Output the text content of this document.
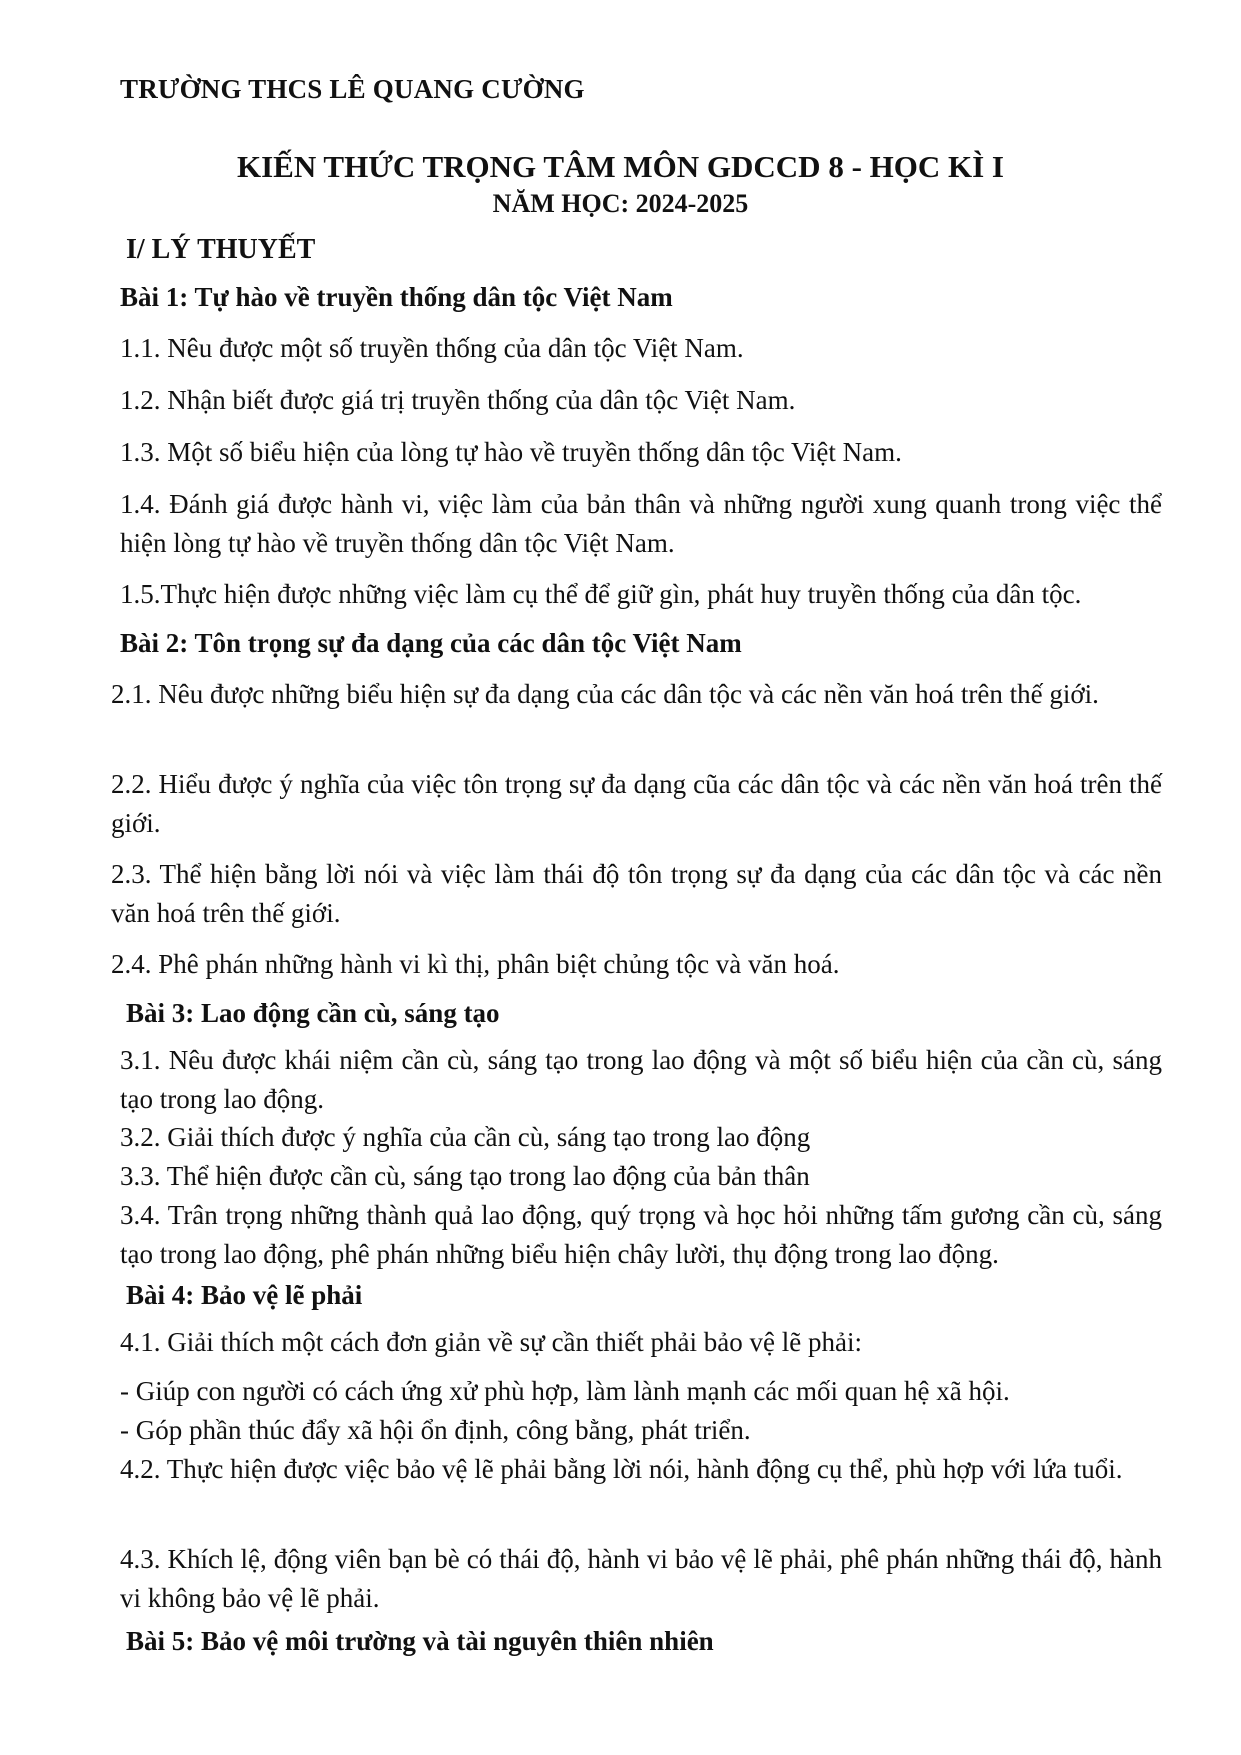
TRƯỜNG THCS LÊ QUANG CƯỜNG
KIẾN THỨC TRỌNG TÂM MÔN GDCCD 8 - HỌC KÌ I
NĂM HỌC: 2024-2025
I/ LÝ THUYẾT
Bài 1: Tự hào về truyền thống dân tộc Việt Nam
1.1. Nêu được một số truyền thống của dân tộc Việt Nam.
1.2. Nhận biết được giá trị truyền thống của dân tộc Việt Nam.
1.3. Một số biểu hiện của lòng tự hào về truyền thống dân tộc Việt Nam.
1.4. Đánh giá được hành vi, việc làm của bản thân và những người xung quanh trong việc thể hiện lòng tự hào về truyền thống dân tộc Việt Nam.
1.5.Thực hiện được những việc làm cụ thể để giữ gìn, phát huy truyền thống của dân tộc.
Bài 2: Tôn trọng sự đa dạng của các dân tộc Việt Nam
2.1. Nêu được những biểu hiện sự đa dạng của các dân tộc và các nền văn hoá trên thế giới.
2.2. Hiểu được ý nghĩa của việc tôn trọng sự đa dạng cũa các dân tộc và các nền văn hoá trên thế giới.
2.3. Thể hiện bằng lời nói và việc làm thái độ tôn trọng sự đa dạng của các dân tộc và các nền văn hoá trên thế giới.
2.4. Phê phán những hành vi kì thị, phân biệt chủng tộc và văn hoá.
Bài 3: Lao động cần cù, sáng tạo
3.1. Nêu được khái niệm cần cù, sáng tạo trong lao động và một số biểu hiện của cần cù, sáng tạo trong lao động.
3.2. Giải thích được ý nghĩa của cần cù, sáng tạo trong lao động
3.3. Thể hiện được cần cù, sáng tạo trong lao động của bản thân
3.4. Trân trọng những thành quả lao động, quý trọng và học hỏi những tấm gương cần cù, sáng tạo trong lao động, phê phán những biểu hiện chây lười, thụ động trong lao động.
Bài 4: Bảo vệ lẽ phải
4.1. Giải thích một cách đơn giản về sự cần thiết phải bảo vệ lẽ phải:
- Giúp con người có cách ứng xử phù hợp, làm lành mạnh các mối quan hệ xã hội.
- Góp phần thúc đẩy xã hội ổn định, công bằng, phát triển.
4.2. Thực hiện được việc bảo vệ lẽ phải bằng lời nói, hành động cụ thể, phù hợp với lứa tuổi.
4.3. Khích lệ, động viên bạn bè có thái độ, hành vi bảo vệ lẽ phải, phê phán những thái độ, hành vi không bảo vệ lẽ phải.
Bài 5: Bảo vệ môi trường và tài nguyên thiên nhiên
